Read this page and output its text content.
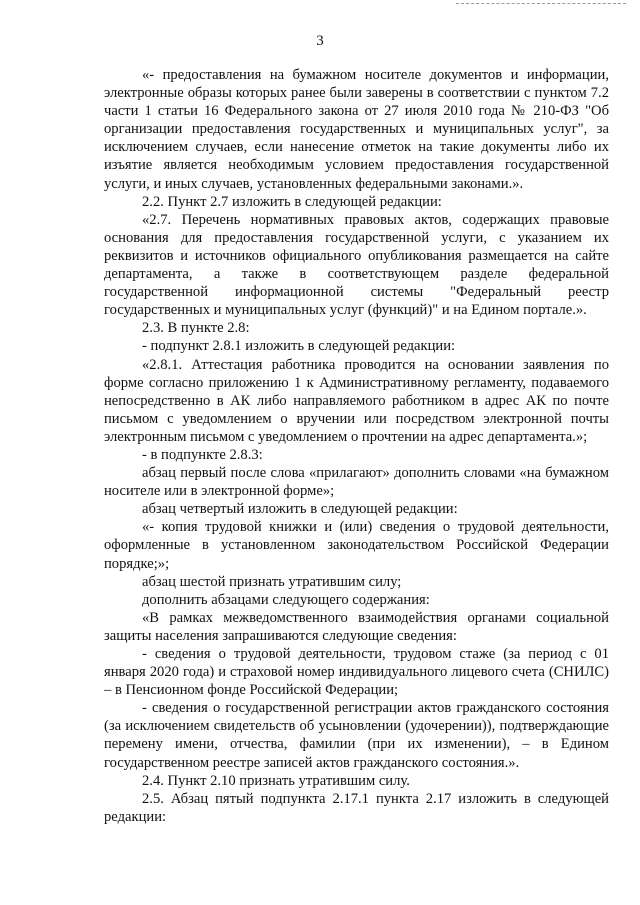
3

«- предоставления на бумажном носителе документов и информации, электронные образы которых ранее были заверены в соответствии с пунктом 7.2 части 1 статьи 16 Федерального закона от 27 июля 2010 года № 210-ФЗ "Об организации предоставления государственных и муниципальных услуг", за исключением случаев, если нанесение отметок на такие документы либо их изъятие является необходимым условием предоставления государственной услуги, и иных случаев, установленных федеральными законами.».

2.2. Пункт 2.7 изложить в следующей редакции:

«2.7. Перечень нормативных правовых актов, содержащих правовые основания для предоставления государственной услуги, с указанием их реквизитов и источников официального опубликования размещается на сайте департамента, а также в соответствующем разделе федеральной государственной информационной системы "Федеральный реестр государственных и муниципальных услуг (функций)" и на Едином портале.».

2.3. В пункте 2.8:

- подпункт 2.8.1 изложить в следующей редакции:

«2.8.1. Аттестация работника проводится на основании заявления по форме согласно приложению 1 к Административному регламенту, подаваемого непосредственно в АК либо направляемого работником в адрес АК по почте письмом с уведомлением о вручении или посредством электронной почты электронным письмом с уведомлением о прочтении на адрес департамента.»;

- в подпункте 2.8.3:

абзац первый после слова «прилагают» дополнить словами «на бумажном носителе или в электронной форме»;

абзац четвертый изложить в следующей редакции:

«- копия трудовой книжки и (или) сведения о трудовой деятельности, оформленные в установленном законодательством Российской Федерации порядке;»;

абзац шестой признать утратившим силу;

дополнить абзацами следующего содержания:

«В рамках межведомственного взаимодействия органами социальной защиты населения запрашиваются следующие сведения:

- сведения о трудовой деятельности, трудовом стаже (за период с 01 января 2020 года) и страховой номер индивидуального лицевого счета (СНИЛС) – в Пенсионном фонде Российской Федерации;

- сведения о государственной регистрации актов гражданского состояния (за исключением свидетельств об усыновлении (удочерении)), подтверждающие перемену имени, отчества, фамилии (при их изменении), – в Едином государственном реестре записей актов гражданского состояния.».

2.4. Пункт 2.10 признать утратившим силу.

2.5. Абзац пятый подпункта 2.17.1 пункта 2.17 изложить в следующей редакции:
